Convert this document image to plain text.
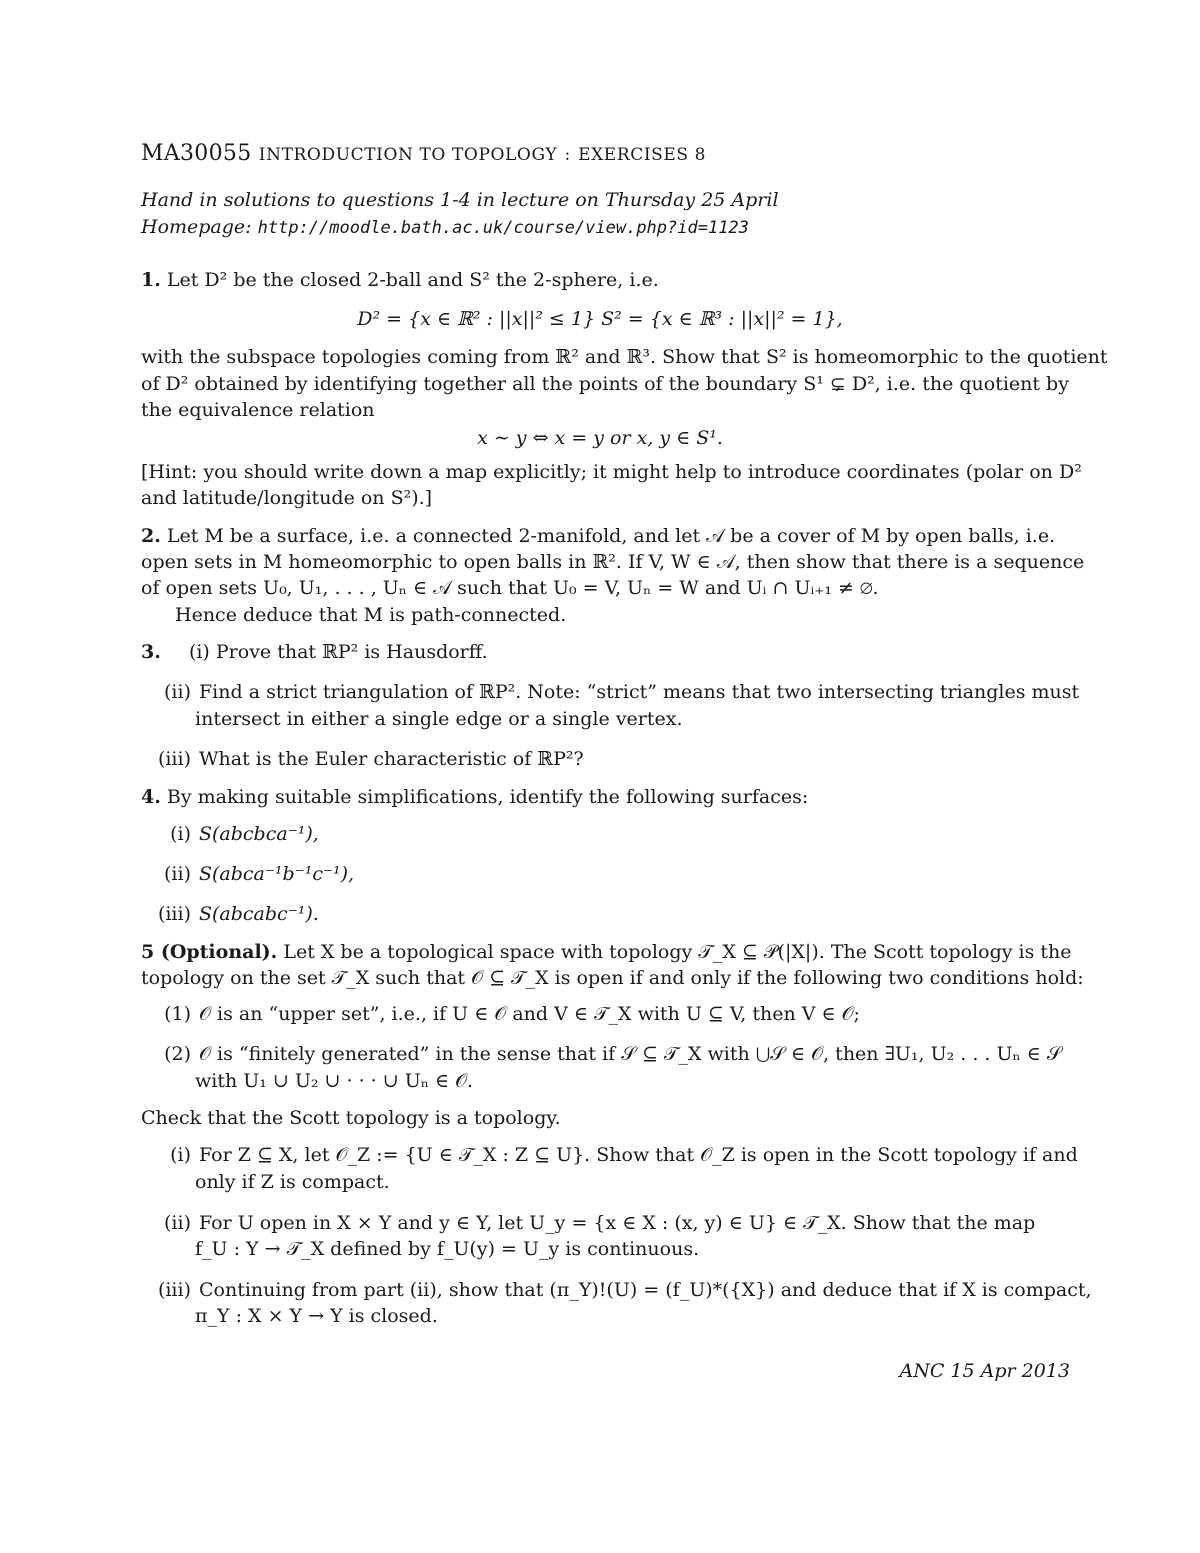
MA30055 INTRODUCTION TO TOPOLOGY : EXERCISES 8
Hand in solutions to questions 1-4 in lecture on Thursday 25 April
Homepage: http://moodle.bath.ac.uk/course/view.php?id=1123
1. Let D² be the closed 2-ball and S² the 2-sphere, i.e.
D² = {x ∈ ℝ² : ||x||² ≤ 1} S² = {x ∈ ℝ³ : ||x||² = 1},
with the subspace topologies coming from ℝ² and ℝ³. Show that S² is homeomorphic to the quotient
of D² obtained by identifying together all the points of the boundary S¹ ⊊ D², i.e. the quotient by
the equivalence relation
x ∼ y ⇔ x = y or x, y ∈ S¹.
[Hint: you should write down a map explicitly; it might help to introduce coordinates (polar on D²
and latitude/longitude on S²).]
2. Let M be a surface, i.e. a connected 2-manifold, and let 𝒜 be a cover of M by open balls, i.e.
open sets in M homeomorphic to open balls in ℝ². If V, W ∈ 𝒜, then show that there is a sequence
of open sets U₀, U₁, . . . , Uₙ ∈ 𝒜 such that U₀ = V, Uₙ = W and Uᵢ ∩ Uᵢ₊₁ ≠ ∅.
Hence deduce that M is path-connected.
3. (i) Prove that ℝP² is Hausdorff.
(ii) Find a strict triangulation of ℝP². Note: “strict” means that two intersecting triangles must
intersect in either a single edge or a single vertex.
(iii) What is the Euler characteristic of ℝP²?
4. By making suitable simplifications, identify the following surfaces:
(i) S(abcbca⁻¹),
(ii) S(abca⁻¹b⁻¹c⁻¹),
(iii) S(abcabc⁻¹).
5 (Optional). Let X be a topological space with topology 𝒯_X ⊆ 𝒫(|X|). The Scott topology is the
topology on the set 𝒯_X such that 𝒪 ⊆ 𝒯_X is open if and only if the following two conditions hold:
(1) 𝒪 is an “upper set”, i.e., if U ∈ 𝒪 and V ∈ 𝒯_X with U ⊆ V, then V ∈ 𝒪;
(2) 𝒪 is “finitely generated” in the sense that if 𝒮 ⊆ 𝒯_X with ⋃𝒮 ∈ 𝒪, then ∃U₁, U₂ . . . Uₙ ∈ 𝒮
with U₁ ∪ U₂ ∪ · · · ∪ Uₙ ∈ 𝒪.
Check that the Scott topology is a topology.
(i) For Z ⊆ X, let 𝒪_Z := {U ∈ 𝒯_X : Z ⊆ U}. Show that 𝒪_Z is open in the Scott topology if and
only if Z is compact.
(ii) For U open in X × Y and y ∈ Y, let U_y = {x ∈ X : (x, y) ∈ U} ∈ 𝒯_X. Show that the map
f_U : Y → 𝒯_X defined by f_U(y) = U_y is continuous.
(iii) Continuing from part (ii), show that (π_Y)!(U) = (f_U)*({X}) and deduce that if X is compact,
π_Y : X × Y → Y is closed.
ANC 15 Apr 2013
